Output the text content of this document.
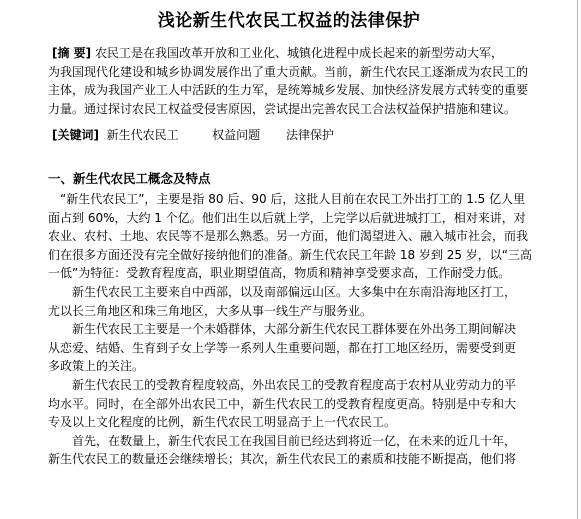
浅论新生代农民工权益的法律保护
[摘 要] 农民工是在我国改革开放和工业化、城镇化进程中成长起来的新型劳动大军，
为我国现代化建设和城乡协调发展作出了重大贡献。当前，新生代农民工逐渐成为农民工的
主体，成为我国产业工人中活跃的生力军，是统筹城乡发展、加快经济发展方式转变的重要
力量。通过探讨农民工权益受侵害原因，尝试提出完善农民工合法权益保护措施和建议。
[关键词] 新生代农民工	权益问题 法律保护
一、新生代农民工概念及特点
“新生代农民工”，主要是指 80 后、90 后，这批人目前在农民工外出打工的 1.5 亿人里
面占到 60%，大约 1 个亿。他们出生以后就上学，上完学以后就进城打工，相对来讲，对
农业、农村、土地、农民等不是那么熟悉。另一方面，他们渴望进入、融入城市社会，而我
们在很多方面还没有完全做好接纳他们的准备。新生代农民工年龄 18 岁到 25 岁，以“三高
一低”为特征：受教育程度高，职业期望值高，物质和精神享受要求高，工作耐受力低。
新生代农民工主要来自中西部，以及南部偏远山区。大多集中在东南沿海地区打工，
尤以长三角地区和珠三角地区，大多从事一线生产与服务业。
新生代农民工主要是一个未婚群体，大部分新生代农民工群体要在外出务工期间解决
从恋爱、结婚、生育到子女上学等一系列人生重要问题，都在打工地区经历，需要受到更
多政策上的关注。
新生代农民工的受教育程度较高，外出农民工的受教育程度高于农村从业劳动力的平
均水平。同时，在全部外出农民工中，新生代农民工的受教育程度更高。特别是中专和大
专及以上文化程度的比例，新生代农民工明显高于上一代农民工。
首先，在数量上，新生代农民工在我国目前已经达到将近一亿，在未来的近几十年，
新生代农民工的数量还会继续增长；其次，新生代农民工的素质和技能不断提高，他们将
